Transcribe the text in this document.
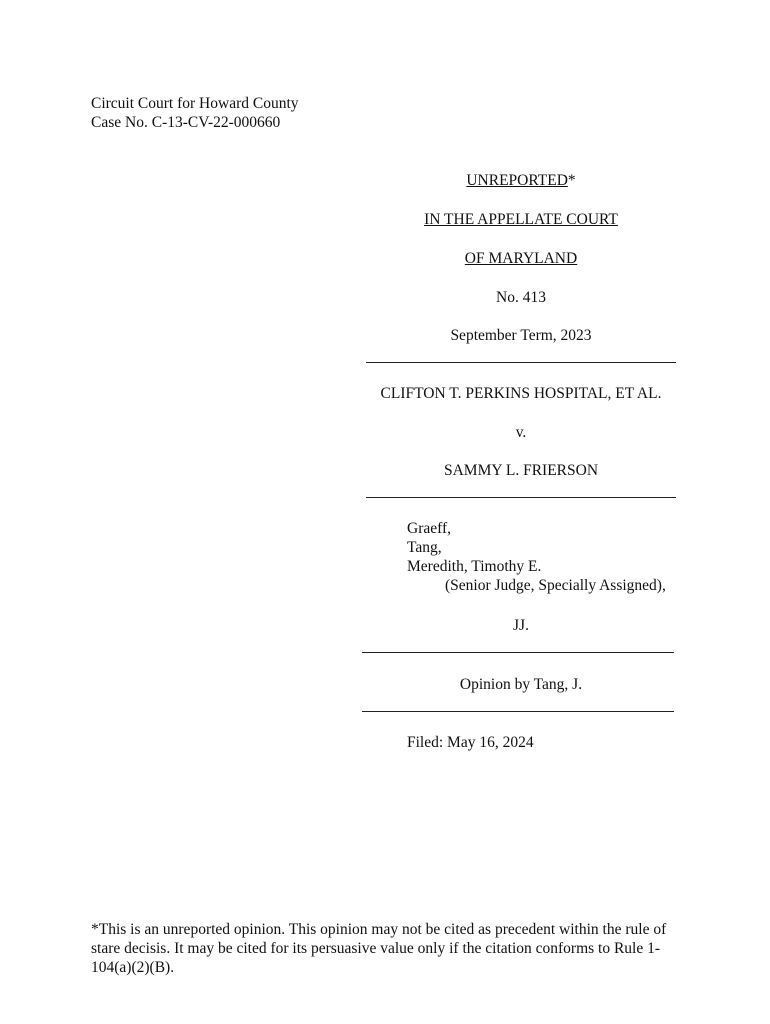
Circuit Court for Howard County
Case No. C-13-CV-22-000660
UNREPORTED*
IN THE APPELLATE COURT
OF MARYLAND
No. 413
September Term, 2023
CLIFTON T. PERKINS HOSPITAL, ET AL.
v.
SAMMY L. FRIERSON
Graeff,
Tang,
Meredith, Timothy E.
(Senior Judge, Specially Assigned),
JJ.
Opinion by Tang, J.
Filed: May 16, 2024
*This is an unreported opinion. This opinion may not be cited as precedent within the rule of stare decisis. It may be cited for its persuasive value only if the citation conforms to Rule 1-104(a)(2)(B).
